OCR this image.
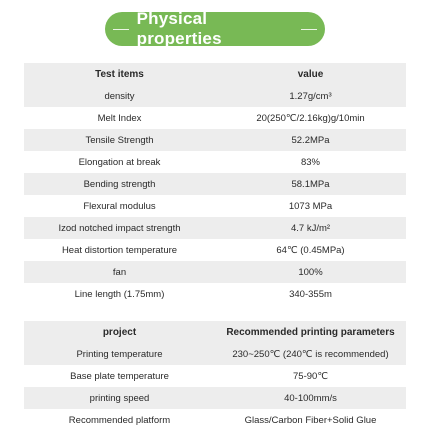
Physical properties
Test items	value
density	1.27g/cm³
Melt Index	20(250℃/2.16kg)g/10min
Tensile Strength	52.2MPa
Elongation at break	83%
Bending strength	58.1MPa
Flexural modulus	1073 MPa
Izod notched impact strength	4.7 kJ/m²
Heat distortion temperature	64℃ (0.45MPa)
fan	100%
Line length (1.75mm)	340-355m
project	Recommended printing parameters
Printing temperature	230~250℃ (240℃ is recommended)
Base plate temperature	75-90℃
printing speed	40-100mm/s
Recommended platform	Glass/Carbon Fiber+Solid Glue
